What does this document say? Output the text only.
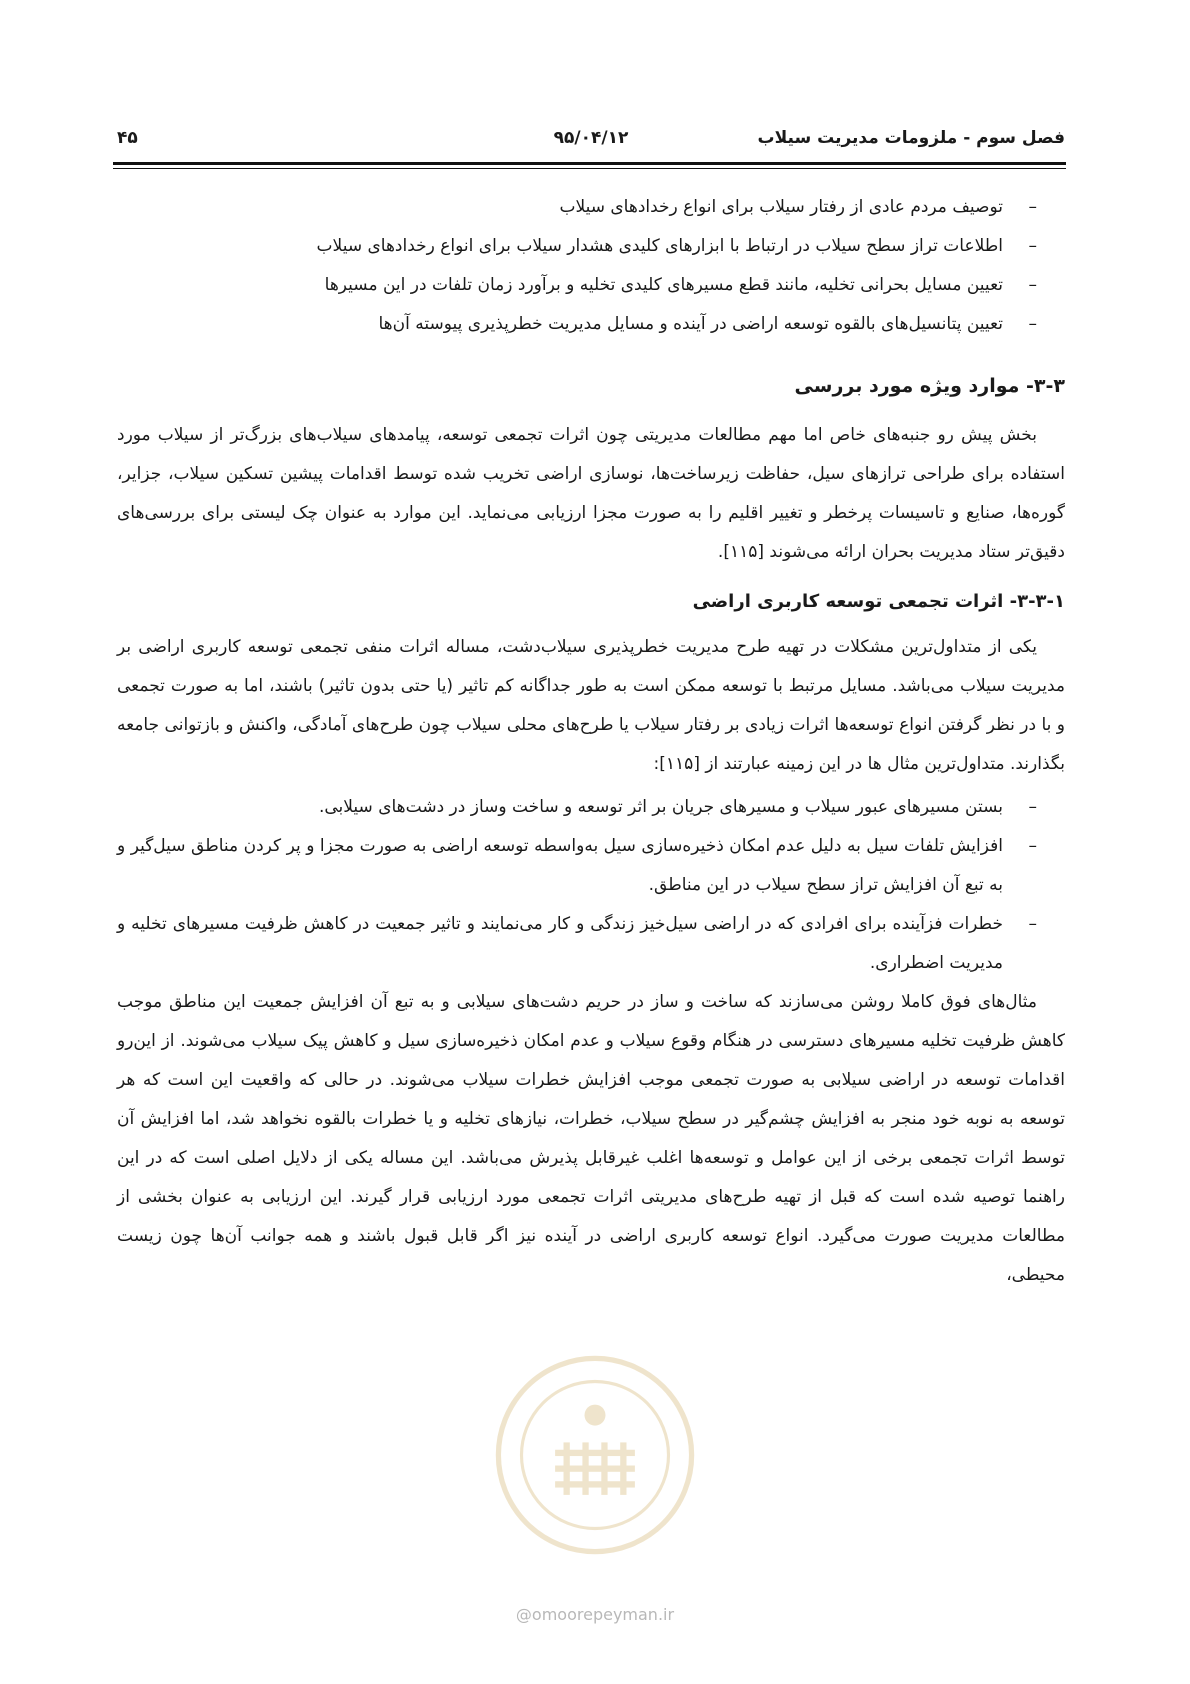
فصل سوم - ملزومات مدیریت سیلاب
۹۵/۰۴/۱۲
۴۵
–
توصیف مردم عادی از رفتار سیلاب برای انواع رخدادهای سیلاب
–
اطلاعات تراز سطح سیلاب در ارتباط با ابزارهای کلیدی هشدار سیلاب برای انواع رخدادهای سیلاب
–
تعیین مسایل بحرانی تخلیه، مانند قطع مسیرهای کلیدی تخلیه و برآورد زمان تلفات در این مسیرها
–
تعیین پتانسیل‌های بالقوه توسعه اراضی در آینده و مسایل مدیریت خطرپذیری پیوسته آن‌ها
۳-۳- موارد ویژه مورد بررسی

بخش پیش رو جنبه‌های خاص اما مهم مطالعات مدیریتی چون اثرات تجمعی توسعه، پیامدهای سیلاب‌های بزرگ‌تر از سیلاب مورد استفاده برای طراحی ترازهای سیل، حفاظت زیرساخت‌ها، نوسازی اراضی تخریب شده توسط اقدامات پیشین تسکین سیلاب، جزایر، گوره‌ها، صنایع و تاسیسات پرخطر و تغییر اقلیم را به صورت مجزا ارزیابی می‌نماید. این موارد به عنوان چک لیستی برای بررسی‌های دقیق‌تر ستاد مدیریت بحران ارائه می‌شوند [۱۱۵].

۳-۳-۱- اثرات تجمعی توسعه کاربری اراضی

یکی از متداول‌ترین مشکلات در تهیه طرح مدیریت خطرپذیری سیلاب‌دشت، مساله اثرات منفی تجمعی توسعه کاربری اراضی بر مدیریت سیلاب می‌باشد. مسایل مرتبط با توسعه ممکن است به طور جداگانه کم تاثیر (یا حتی بدون تاثیر) باشند، اما به صورت تجمعی و با در نظر گرفتن انواع توسعه‌ها اثرات زیادی بر رفتار سیلاب یا طرح‌های محلی سیلاب چون طرح‌های آمادگی، واکنش و بازتوانی جامعه بگذارند. متداول‌ترین مثال ها در این زمینه عبارتند از [۱۱۵]:

–
بستن مسیرهای عبور سیلاب و مسیرهای جریان بر اثر توسعه و ساخت وساز در دشت‌های سیلابی.
–
افزایش تلفات سیل به دلیل عدم امکان ذخیره‌سازی سیل به‌واسطه توسعه اراضی به صورت مجزا و پر کردن مناطق سیل‌گیر و به تبع آن افزایش تراز سطح سیلاب در این مناطق.
–
خطرات فزآینده برای افرادی که در اراضی سیل‌خیز زندگی و کار می‌نمایند و تاثیر جمعیت در کاهش ظرفیت مسیرهای تخلیه و مدیریت اضطراری.

مثال‌های فوق کاملا روشن می‌سازند که ساخت و ساز در حریم دشت‌های سیلابی و به تبع آن افزایش جمعیت این مناطق موجب کاهش ظرفیت تخلیه مسیرهای دسترسی در هنگام وقوع سیلاب و عدم امکان ذخیره‌سازی سیل و کاهش پیک سیلاب می‌شوند. از این‌رو اقدامات توسعه در اراضی سیلابی به صورت تجمعی موجب افزایش خطرات سیلاب می‌شوند. در حالی که واقعیت این است که هر توسعه به نوبه خود منجر به افزایش چشم‌گیر در سطح سیلاب، خطرات، نیازهای تخلیه و یا خطرات بالقوه نخواهد شد، اما افزایش آن توسط اثرات تجمعی برخی از این عوامل و توسعه‌ها اغلب غیرقابل پذیرش می‌باشد. این مساله یکی از دلایل اصلی است که در این راهنما توصیه شده است که قبل از تهیه طرح‌های مدیریتی اثرات تجمعی مورد ارزیابی قرار گیرند. این ارزیابی به عنوان بخشی از مطالعات مدیریت صورت می‌گیرد. انواع توسعه کاربری اراضی در آینده نیز اگر قابل قبول باشند و همه جوانب آن‌ها چون زیست محیطی،

@omoorepeyman.ir
